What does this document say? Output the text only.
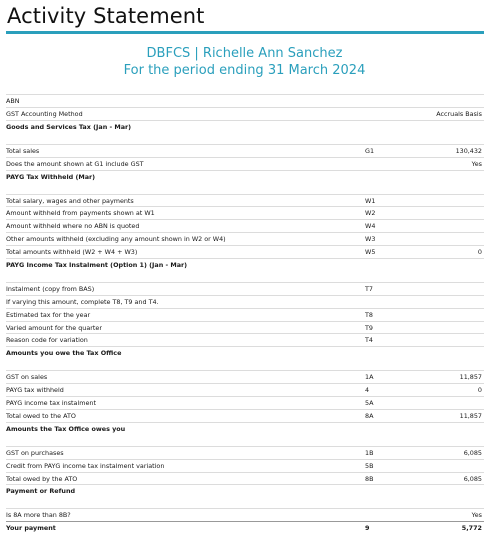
Activity Statement
DBFCS | Richelle Ann Sanchez
For the period ending 31 March 2024
ABN
GST Accounting Method	Accruals Basis
Goods and Services Tax (Jan - Mar)
Total sales	G1	130,432
Does the amount shown at G1 include GST	Yes
PAYG Tax Withheld (Mar)
Total salary, wages and other payments	W1
Amount withheld from payments shown at W1	W2
Amount withheld where no ABN is quoted	W4
Other amounts withheld (excluding any amount shown in W2 or W4)	W3
Total amounts withheld (W2 + W4 + W3)	W5	0
PAYG Income Tax Instalment (Option 1) (Jan - Mar)
Instalment (copy from BAS)	T7
If varying this amount, complete T8, T9 and T4.
Estimated tax for the year	T8
Varied amount for the quarter	T9
Reason code for variation	T4
Amounts you owe the Tax Office
GST on sales	1A	11,857
PAYG tax withheld	4	0
PAYG income tax instalment	5A
Total owed to the ATO	8A	11,857
Amounts the Tax Office owes you
GST on purchases	1B	6,085
Credit from PAYG income tax instalment variation	5B
Total owed by the ATO	8B	6,085
Payment or Refund
Is 8A more than 8B?	Yes
Your payment	9	5,772
